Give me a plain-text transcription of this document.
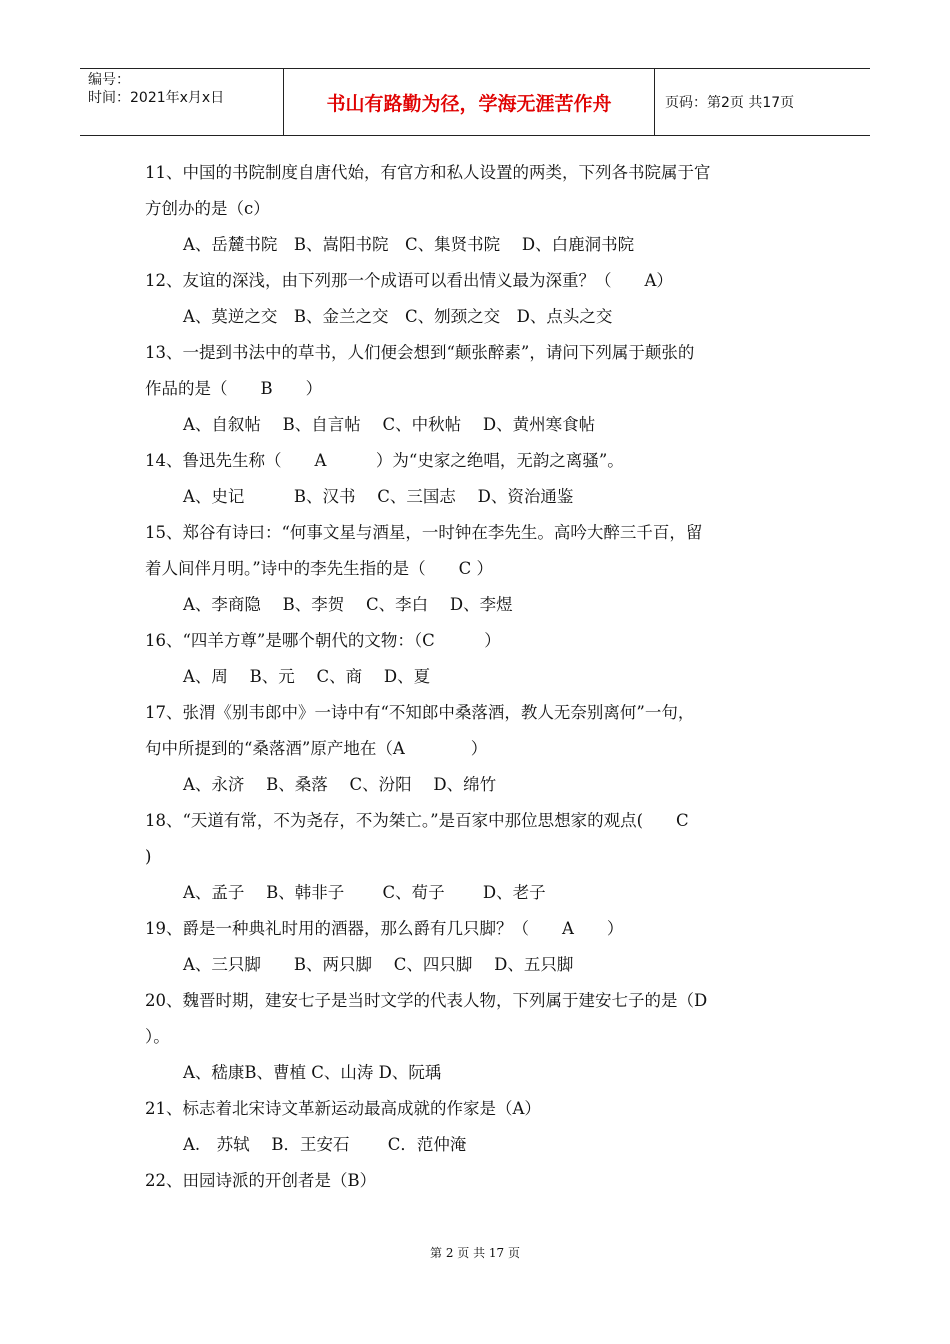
编号：
时间：2021年x月x日	书山有路勤为径，学海无涯苦作舟	页码：第2页 共17页
11、中国的书院制度自唐代始，有官方和私人设置的两类，下列各书院属于官
方创办的是（c）
A、岳麓书院　B、嵩阳书院　C、集贤书院　 D、白鹿洞书院
12、友谊的深浅，由下列那一个成语可以看出情义最为深重？（　　A）
A、莫逆之交　B、金兰之交　C、刎颈之交　D、点头之交
13、一提到书法中的草书，人们便会想到“颠张醉素”，请问下列属于颠张的
作品的是（　　B　　）
A、自叙帖　 B、自言帖　 C、中秋帖　 D、黄州寒食帖
14、鲁迅先生称（　　A　　　）为“史家之绝唱，无韵之离骚”。
A、史记　　　B、汉书　 C、三国志　 D、资治通鉴
15、郑谷有诗曰：“何事文星与酒星，一时钟在李先生。高吟大醉三千百，留
着人间伴月明。”诗中的李先生指的是（　　C ）
A、李商隐　 B、李贺　 C、李白　 D、李煜
16、“四羊方尊”是哪个朝代的文物：（C　　　）
A、周　 B、元　 C、商　 D、夏
17、张渭《别韦郎中》一诗中有“不知郎中桑落酒，教人无奈别离何”一句，
句中所提到的“桑落酒”原产地在（A　　　　）
A、永济　 B、桑落　 C、汾阳　 D、绵竹
18、“天道有常，不为尧存，不为桀亡。”是百家中那位思想家的观点(　　C
)
A、孟子　 B、韩非子　　 C、荀子　　 D、老子
19、爵是一种典礼时用的酒器，那么爵有几只脚？（　　A　　）
A、三只脚　　B、两只脚　 C、四只脚　 D、五只脚
20、魏晋时期，建安七子是当时文学的代表人物，下列属于建安七子的是（D
）。
A、嵇康B、曹植 C、山涛 D、阮瑀
21、标志着北宋诗文革新运动最高成就的作家是（A）
A.　苏轼　 B．王安石　　 C．范仲淹
22、田园诗派的开创者是（B）
第 2 页 共 17 页
